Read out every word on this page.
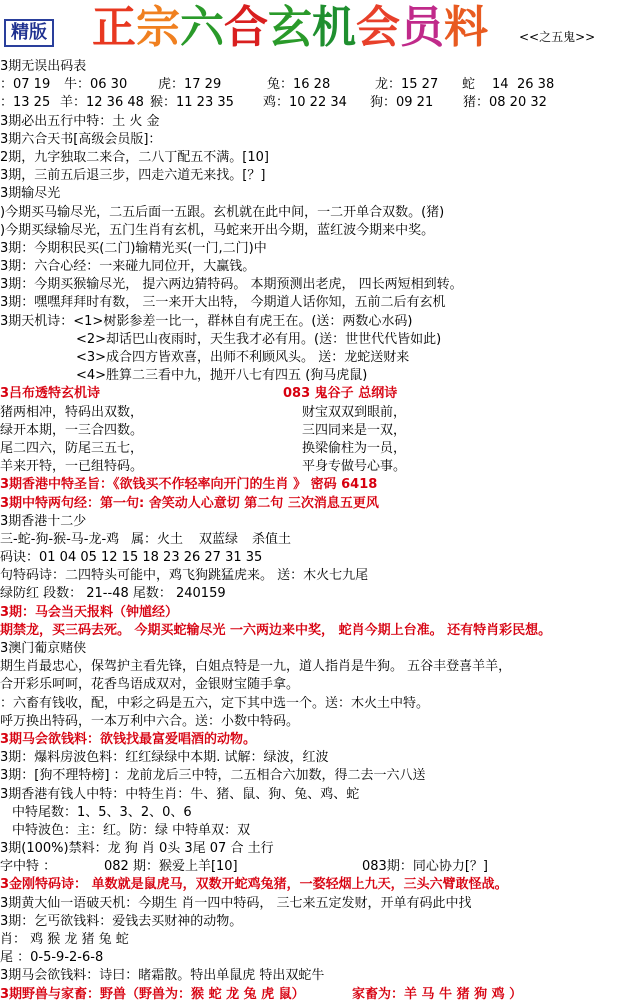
精版 正宗六合玄机会员料	<<之五鬼>>
3期无误出码表
：07 19 牛：06 30 虎：17 29	兔：16 28	龙：15 27 蛇 14 26 38
：13 25 羊：12 36 48 猴：11 23 35 鸡：10 22 34 狗：09 21 猪：08 20 32
3期必出五行中特：土 火 金
3期六合天书[高级会员版]：
2期，九字独取二来合，二八丁配五不满。[10]
3期，三前五后退三步，四走六道无来找。[？]
3期输尽光
)今期买马输尽光，二五后面一五跟。玄机就在此中间，一二开单合双数。(猪)
)今期买绿输尽光，五门生肖有玄机，马蛇来开出今期，蓝红波今期来中奖。
3期：今期积民买(二门)输精光买(一门,二门)中
3期：六合心经：一来碰九同位开，大赢钱。
3期：今期买猴输尽光， 提六两边猜特码。 本期预测出老虎， 四长两短相到转。
3期：嘿嘿拜拜时有数， 三一来开大出特， 今期道人话你知，五前二后有玄机
3期天机诗：<1>树影参差一比一，群林自有虎王在。(送：两数心水码)
<2>却话巴山夜雨时，天生我才必有用。(送：世世代代皆如此)
<3>成合四方皆欢喜，出师不利顾风头。 送：龙蛇送财来
<4>胜算二三看中九，抛开八七有四五 (狗马虎鼠)
3吕布透特玄机诗	083 鬼谷子 总纲诗
猪两相冲，特码出双数，	财宝双双到眼前，
绿开本期，一三合四数。	三四同来是一双，
尾二四六，防尾三五七，	换梁偷柱为一员，
羊来开特，一已组特码。	平身专做号心事。
3期香港中特圣旨：《欲钱买不作轻率向开门的生肖 》 密码 6418
3期中特两句经：第一句: 舍笑动人心意切 第二句 三次消息五更风
3期香港十二少
三-蛇-狗-猴-马-龙-鸡 属：火土 双蓝绿 杀值土
码诀：01 04 05 12 15 18 23 26 27 31 35
句特码诗：二四特头可能中，鸡飞狗跳猛虎来。 送：木火七九尾
绿防红 段数： 21--48 尾数： 240159
3期：马会当天报料（钟馗经）
期禁龙，买三码去死。 今期买蛇输尽光 一六两边来中奖， 蛇肖今期上台准。 还有特肖彩民想。
3澳门葡京赌侠
期生肖最忠心，保驾护主看先锋，白姐点特是一九，道人指肖是牛狗。 五谷丰登喜羊羊，
合开彩乐呵呵，花香鸟语成双对，金银财宝随手拿。
：六畜有钱收，配，中彩之码是五六，定下其中选一个。送：木火土中特。
呼万换出特码，一本万利中六合。送：小数中特码。
3期马会欲钱料：欲钱找最富爱唱酒的动物。
3期：爆料房波色料：红红绿绿中本期. 试解：绿波，红波
3期：[狗不理特榜] ：龙前龙后三中特，二五相合六加数，得二去一六八送
3期香港有钱人中特：中特生肖：牛、猪、鼠、狗、兔、鸡、蛇
中特尾数：1、5、3、2、0、6
中特波色：主：红。防：绿 中特单双：双
3期(100%)禁料：龙 狗 肖 0头 3尾 07 合 土行
字中特 ：	082 期：猴爱上羊[10]	083期：同心协力[？]
3金刚特码诗： 单数就是鼠虎马，双数开蛇鸡兔猪，一婺轻烟上九天，三头六臂敢怪战。
3期黄大仙一语破天机：今期生 肖一四中特码， 三七来五定发财，开单有码此中找
3期：乞丐欲钱料：爱钱去买财神的动物。
肖： 鸡 猴 龙 猪 兔 蛇
尾 ：0-5-9-2-6-8
3期马会欲钱料：诗曰：睹霜散。特出单鼠虎 特出双蛇牛
3期野兽与家畜：野兽（野兽为：猴 蛇 龙 兔 虎 鼠）	家畜为：羊 马 牛 猪 狗 鸡 ）
